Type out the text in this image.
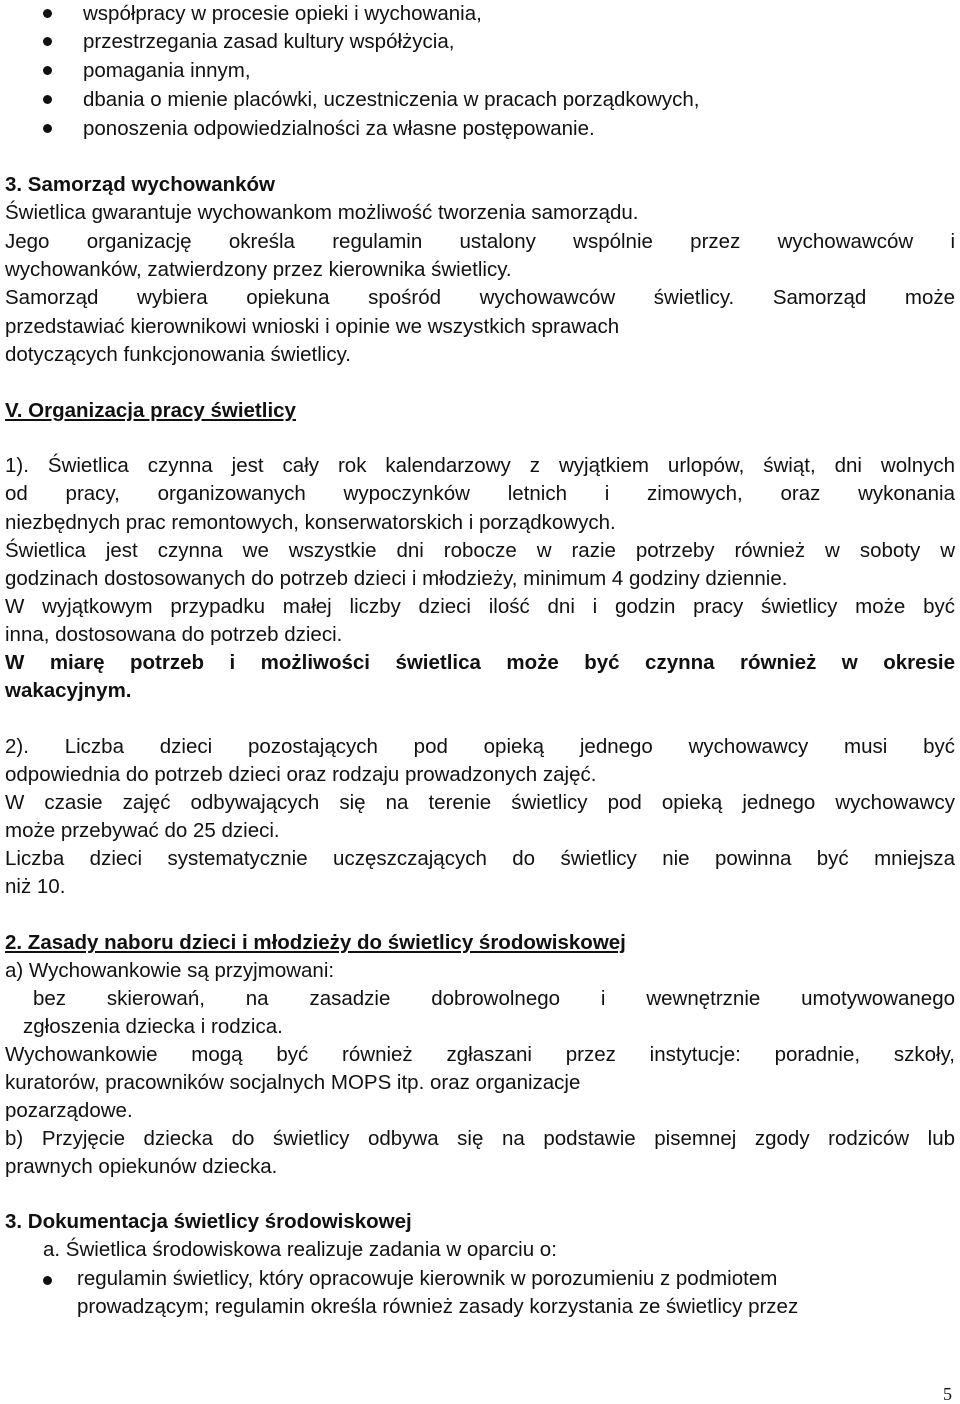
współpracy w procesie opieki i wychowania,
przestrzegania zasad kultury współżycia,
pomagania innym,
dbania o mienie placówki, uczestniczenia w pracach porządkowych,
ponoszenia odpowiedzialności za własne postępowanie.
3. Samorząd wychowanków
Świetlica gwarantuje wychowankom możliwość tworzenia samorządu.
Jego organizację określa regulamin ustalony wspólnie przez wychowawców i
wychowanków, zatwierdzony przez kierownika świetlicy.
Samorząd wybiera opiekuna spośród wychowawców świetlicy. Samorząd może
przedstawiać kierownikowi wnioski i opinie we wszystkich sprawach
dotyczących funkcjonowania świetlicy.
V. Organizacja pracy świetlicy
1). Świetlica czynna jest cały rok kalendarzowy z wyjątkiem urlopów, świąt, dni wolnych
od pracy, organizowanych wypoczynków letnich i zimowych, oraz wykonania
niezbędnych prac remontowych, konserwatorskich i porządkowych.
Świetlica jest czynna we wszystkie dni robocze w razie potrzeby również w soboty w
godzinach dostosowanych do potrzeb dzieci i młodzieży, minimum 4 godziny dziennie.
W wyjątkowym przypadku małej liczby dzieci ilość dni i godzin pracy świetlicy może być
inna, dostosowana do potrzeb dzieci.
W miarę potrzeb i możliwości świetlica może być czynna również w okresie
wakacyjnym.
2). Liczba dzieci pozostających pod opieką jednego wychowawcy musi być
odpowiednia do potrzeb dzieci oraz rodzaju prowadzonych zajęć.
W czasie zajęć odbywających się na terenie świetlicy pod opieką jednego wychowawcy
może przebywać do 25 dzieci.
Liczba dzieci systematycznie uczęszczających do świetlicy nie powinna być mniejsza
niż 10.
2. Zasady naboru dzieci i młodzieży do świetlicy środowiskowej
a) Wychowankowie są przyjmowani:
bez skierowań, na zasadzie dobrowolnego i wewnętrznie umotywowanego
zgłoszenia dziecka i rodzica.
Wychowankowie mogą być również zgłaszani przez instytucje: poradnie, szkoły,
kuratorów, pracowników socjalnych MOPS itp. oraz organizacje
pozarządowe.
b) Przyjęcie dziecka do świetlicy odbywa się na podstawie pisemnej zgody rodziców lub
prawnych opiekunów dziecka.
3. Dokumentacja świetlicy środowiskowej
a. Świetlica środowiskowa realizuje zadania w oparciu o:
regulamin świetlicy, który opracowuje kierownik w porozumieniu z podmiotem
prowadzącym; regulamin określa również zasady korzystania ze świetlicy przez
5
